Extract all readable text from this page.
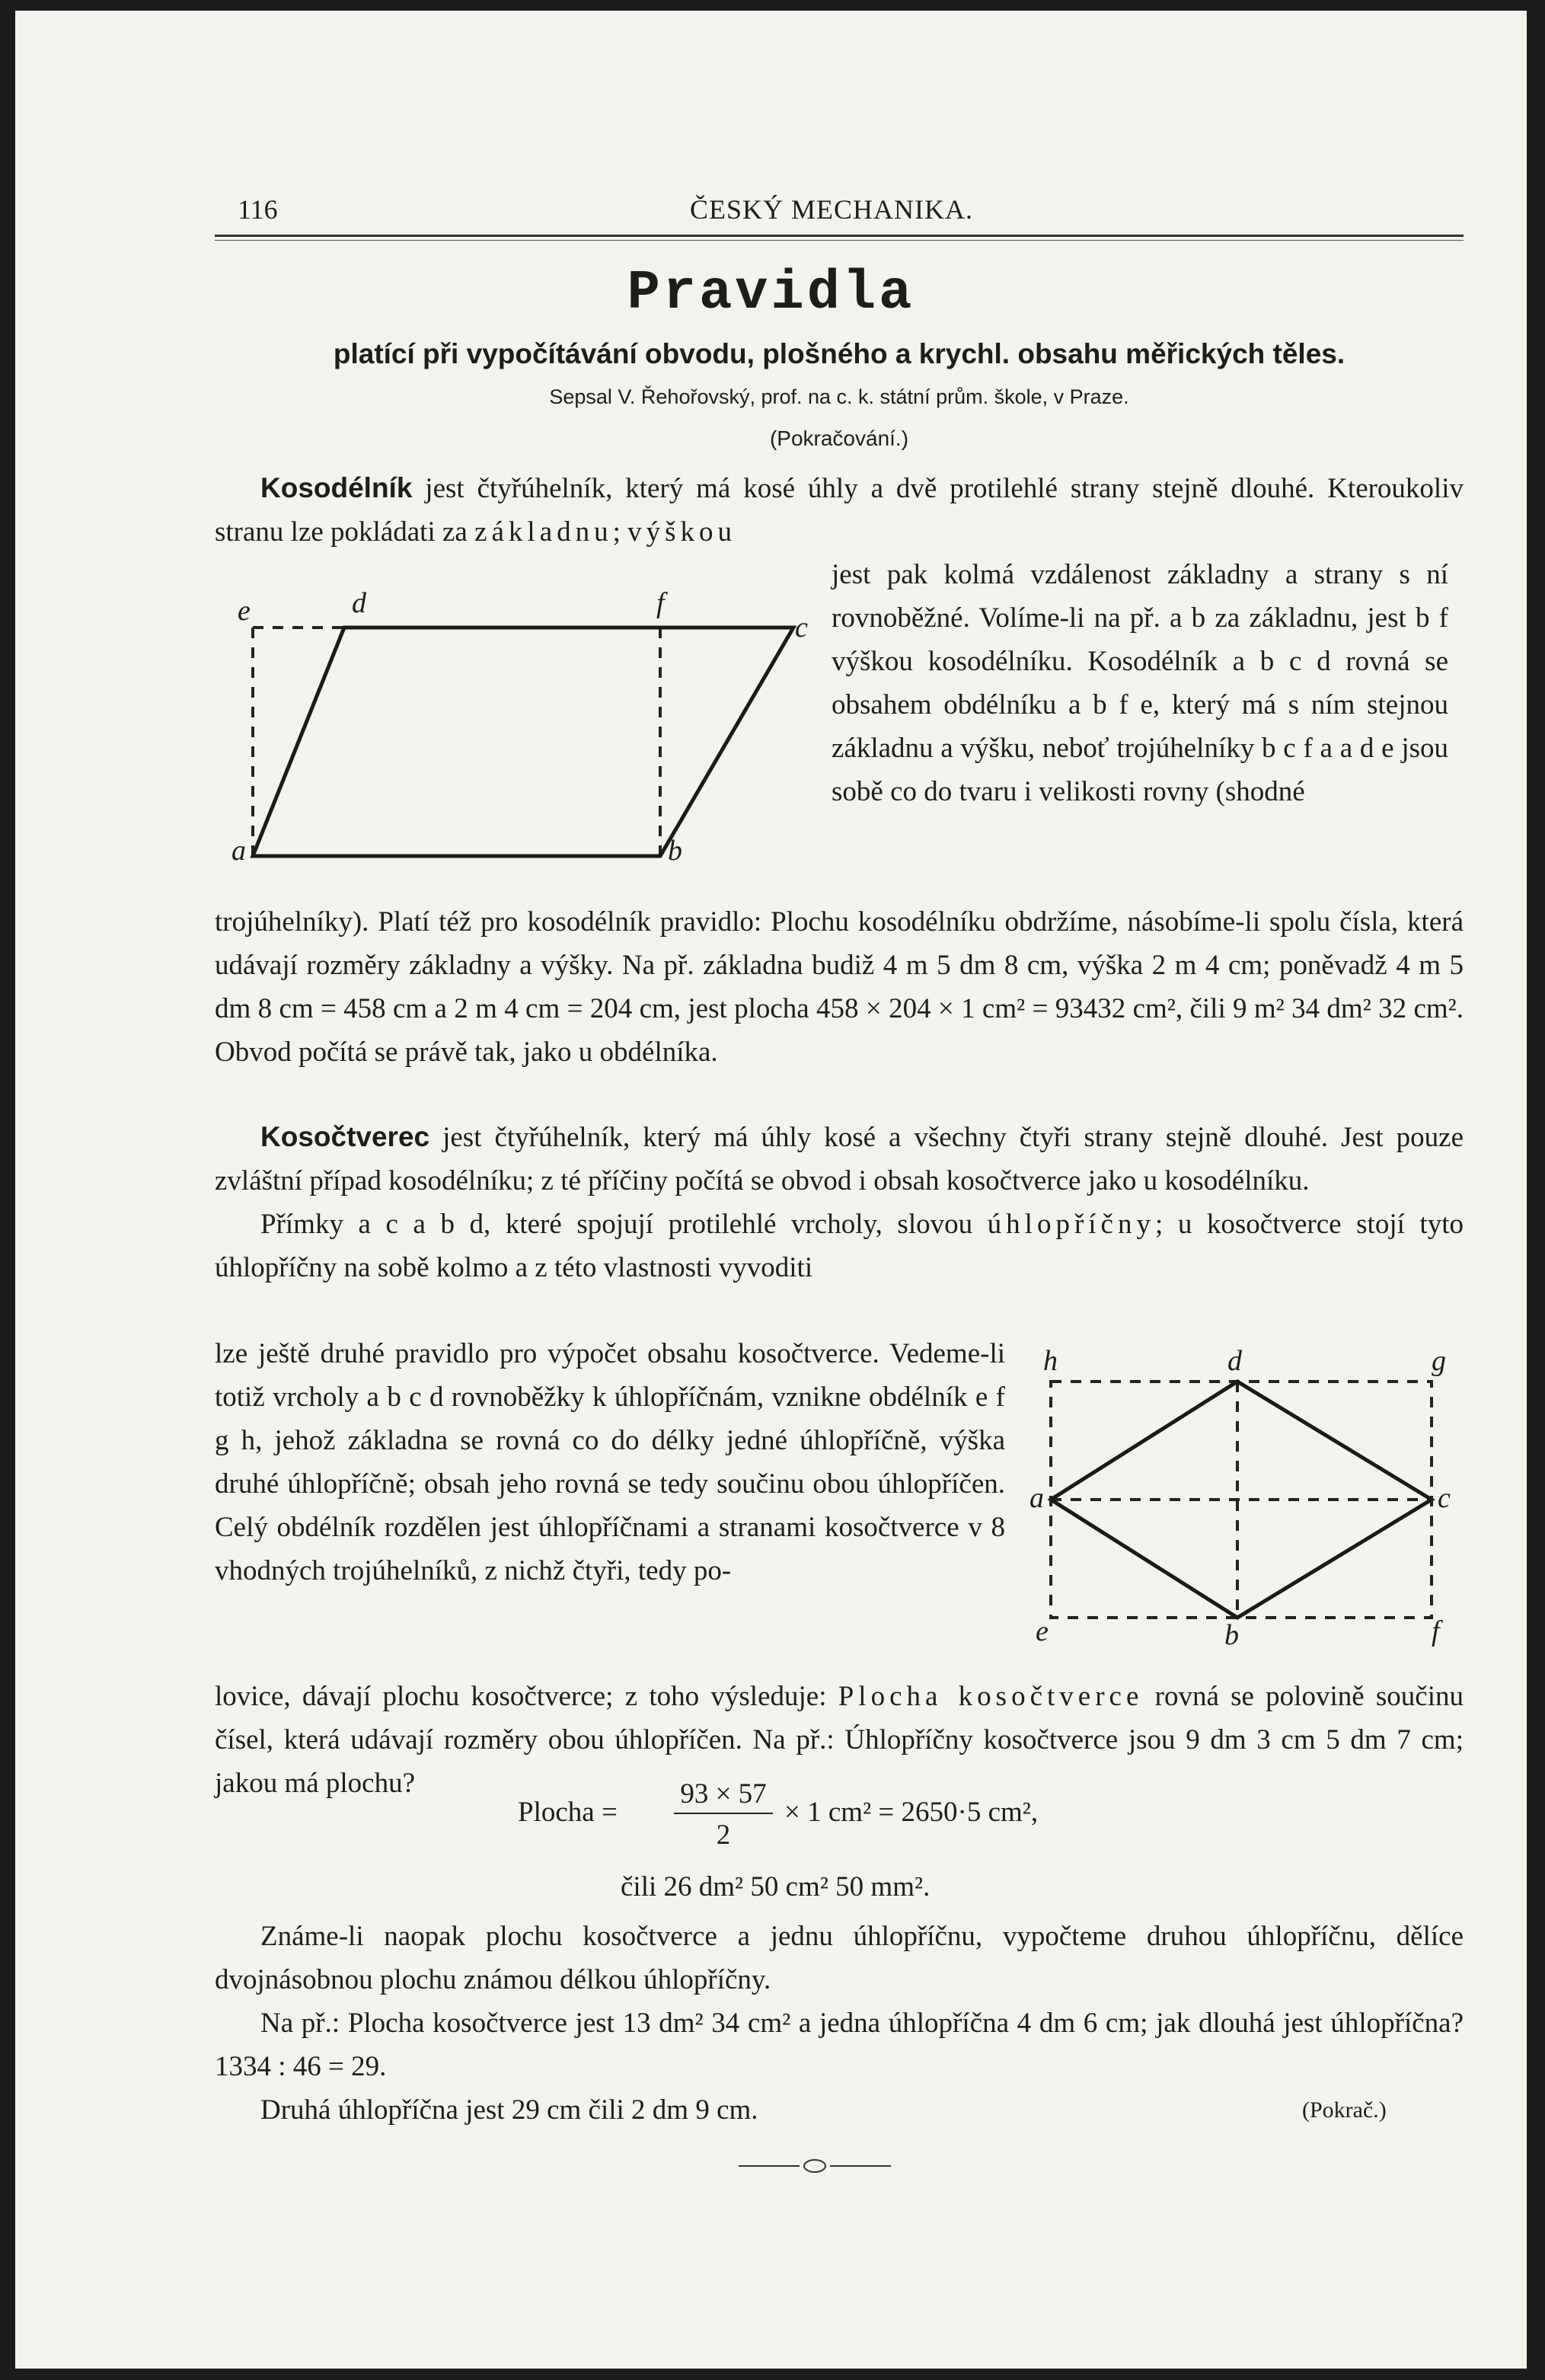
116	ČESKÝ MECHANIKA.
Pravidla
platící při vypočítávání obvodu, plošného a krychl. obsahu měřických těles.
Sepsal V. Řehořovský, prof. na c. k. státní prům. škole, v Praze.
(Pokračování.)

Kosodélník jest čtyřúhelník, který má kosé úhly a dvě protilehlé strany stejně dlouhé. Kteroukoliv stranu lze pokládati za základnu; výškou

e	d	f
c
a	b

jest pak kolmá vzdálenost základny a strany s ní rovnoběžné. Volíme-li na př. a b za základnu, jest b f výškou kosodélníku. Kosodélník a b c d rovná se obsahem obdélníku a b f e, který má s ním stejnou základnu a výšku, neboť trojúhelníky b c f a a d e jsou sobě co do tvaru i velikosti rovny (shodné

trojúhelníky). Platí též pro kosodélník pravidlo: Plochu kosodélníku obdržíme, násobíme-li spolu čísla, která udávají rozměry základny a výšky. Na př. základna budiž 4 m 5 dm 8 cm, výška 2 m 4 cm; poněvadž 4 m 5 dm 8 cm = 458 cm a 2 m 4 cm = 204 cm, jest plocha 458 × 204 × 1 cm² = 93432 cm², čili 9 m² 34 dm² 32 cm². Obvod počítá se právě tak, jako u obdélníka.

Kosočtverec jest čtyřúhelník, který má úhly kosé a všechny čtyři strany stejně dlouhé. Jest pouze zvláštní případ kosodélníku; z té příčiny počítá se obvod i obsah kosočtverce jako u kosodélníku.

Přímky a c a b d, které spojují protilehlé vrcholy, slovou úhlopříčny; u kosočtverce stojí tyto úhlopříčny na sobě kolmo a z této vlastnosti vyvoditi

lze ještě druhé pravidlo pro výpočet obsahu kosočtverce. Vedeme-li totiž vrcholy a b c d rovnoběžky k úhlopříčnám, vznikne obdélník e f g h, jehož základna se rovná co do délky jedné úhlopříčně, výška druhé úhlopříčně; obsah jeho rovná se tedy součinu obou úhlopříčen. Celý obdélník rozdělen jest úhlopříčnami a stranami kosočtverce v 8 vhodných trojúhelníků, z nichž čtyři, tedy po-

h	d	g
a	c
e	b	f

lovice, dávají plochu kosočtverce; z toho výsleduje: Plocha kosočtverce rovná se polovině součinu čísel, která udávají rozměry obou úhlopříčen. Na př.: Úhlopříčny kosočtverce jsou 9 dm 3 cm 5 dm 7 cm; jakou má plochu?

Plocha =
93 × 57
2
× 1 cm² = 2650·5 cm²,
čili 26 dm² 50 cm² 50 mm².

Známe-li naopak plochu kosočtverce a jednu úhlopříčnu, vypočteme druhou úhlopříčnu, dělíce dvojnásobnou plochu známou délkou úhlopříčny.

Na př.: Plocha kosočtverce jest 13 dm² 34 cm² a jedna úhlopříčna 4 dm 6 cm; jak dlouhá jest úhlopříčna? 1334 : 46 = 29.

Druhá úhlopříčna jest 29 cm čili 2 dm 9 cm.	(Pokrač.)
